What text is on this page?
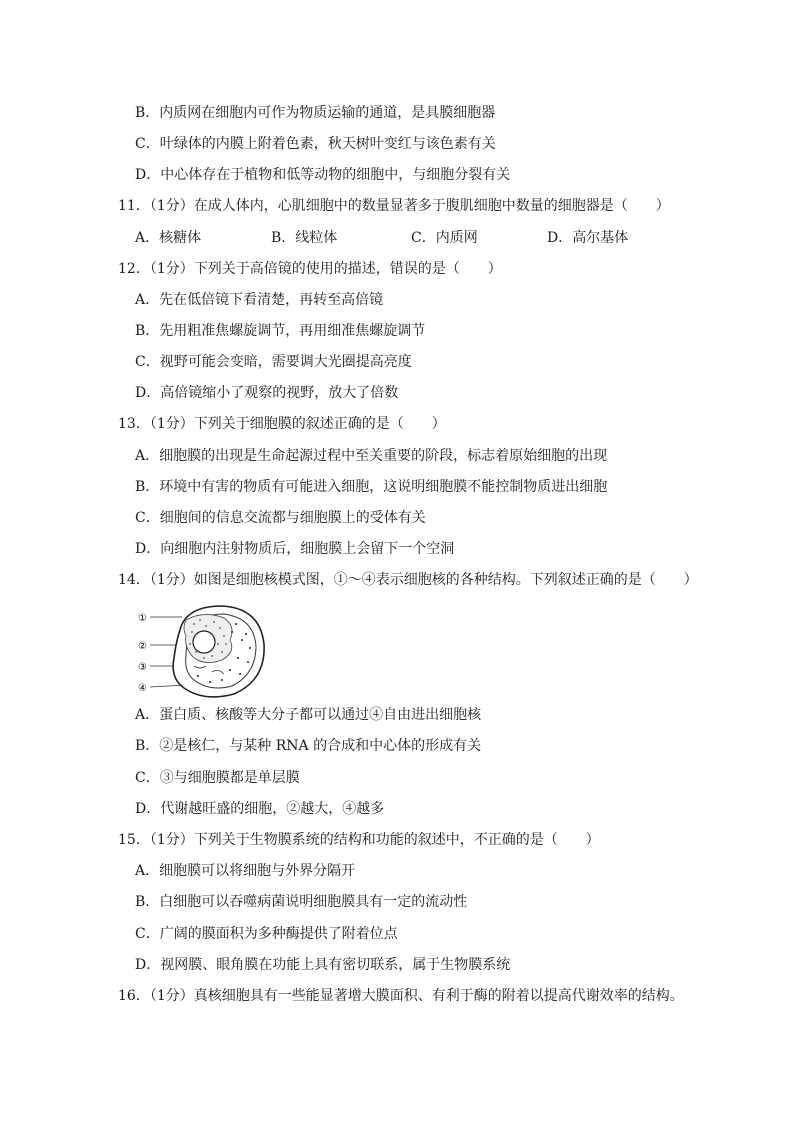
B．内质网在细胞内可作为物质运输的通道，是具膜细胞器
C．叶绿体的内膜上附着色素，秋天树叶变红与该色素有关
D．中心体存在于植物和低等动物的细胞中，与细胞分裂有关
11．（1分）在成人体内，心肌细胞中的数量显著多于腹肌细胞中数量的细胞器是（　　）
A．核糖体	B．线粒体	C．内质网	D．高尔基体
12．（1分）下列关于高倍镜的使用的描述，错误的是（　　）
A．先在低倍镜下看清楚，再转至高倍镜
B．先用粗准焦螺旋调节，再用细准焦螺旋调节
C．视野可能会变暗，需要调大光圈提高亮度
D．高倍镜缩小了观察的视野，放大了倍数
13．（1分）下列关于细胞膜的叙述正确的是（　　）
A．细胞膜的出现是生命起源过程中至关重要的阶段，标志着原始细胞的出现
B．环境中有害的物质有可能进入细胞，这说明细胞膜不能控制物质进出细胞
C．细胞间的信息交流都与细胞膜上的受体有关
D．向细胞内注射物质后，细胞膜上会留下一个空洞
14．（1分）如图是细胞核模式图，①～④表示细胞核的各种结构。下列叙述正确的是（　　）
①
②
③
④
A．蛋白质、核酸等大分子都可以通过④自由进出细胞核
B．②是核仁，与某种 RNA 的合成和中心体的形成有关
C．③与细胞膜都是单层膜
D．代谢越旺盛的细胞，②越大，④越多
15．（1分）下列关于生物膜系统的结构和功能的叙述中，不正确的是（　　）
A．细胞膜可以将细胞与外界分隔开
B．白细胞可以吞噬病菌说明细胞膜具有一定的流动性
C．广阔的膜面积为多种酶提供了附着位点
D．视网膜、眼角膜在功能上具有密切联系，属于生物膜系统
16．（1分）真核细胞具有一些能显著增大膜面积、有利于酶的附着以提高代谢效率的结构。
